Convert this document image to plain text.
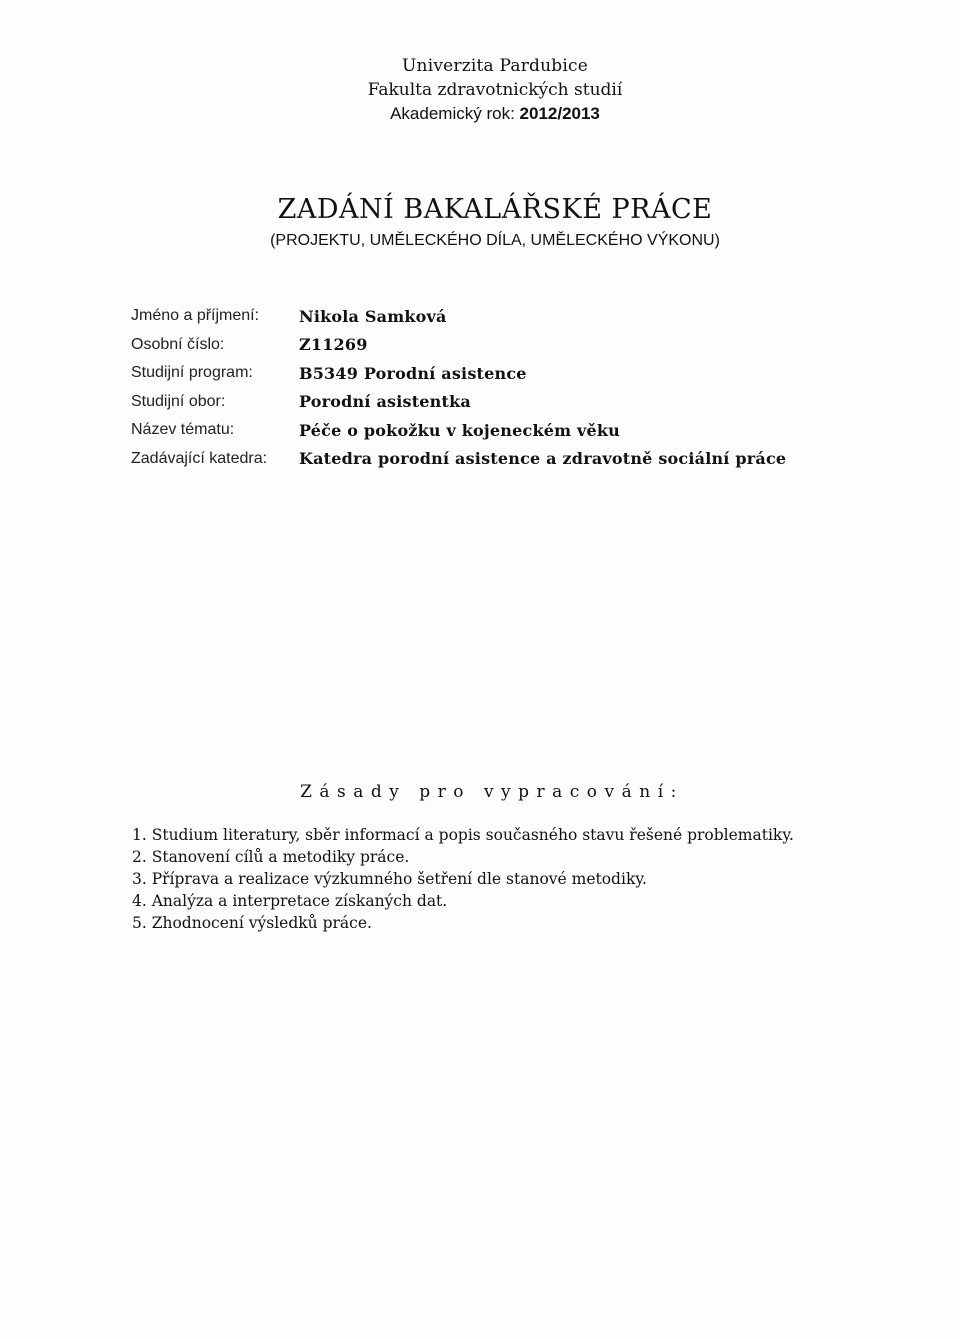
Univerzita Pardubice
Fakulta zdravotnických studií
Akademický rok: 2012/2013
ZADÁNÍ BAKALÁŘSKÉ PRÁCE
(PROJEKTU, UMĚLECKÉHO DÍLA, UMĚLECKÉHO VÝKONU)
Jméno a příjmení:	Nikola Samková
Osobní číslo:	Z11269
Studijní program:	B5349 Porodní asistence
Studijní obor:	Porodní asistentka
Název tématu:	Péče o pokožku v kojeneckém věku
Zadávající katedra:	Katedra porodní asistence a zdravotně sociální práce
Zásady pro vypracování:
1. Studium literatury, sběr informací a popis současného stavu řešené problematiky.
2. Stanovení cílů a metodiky práce.
3. Příprava a realizace výzkumného šetření dle stanové metodiky.
4. Analýza a interpretace získaných dat.
5. Zhodnocení výsledků práce.
